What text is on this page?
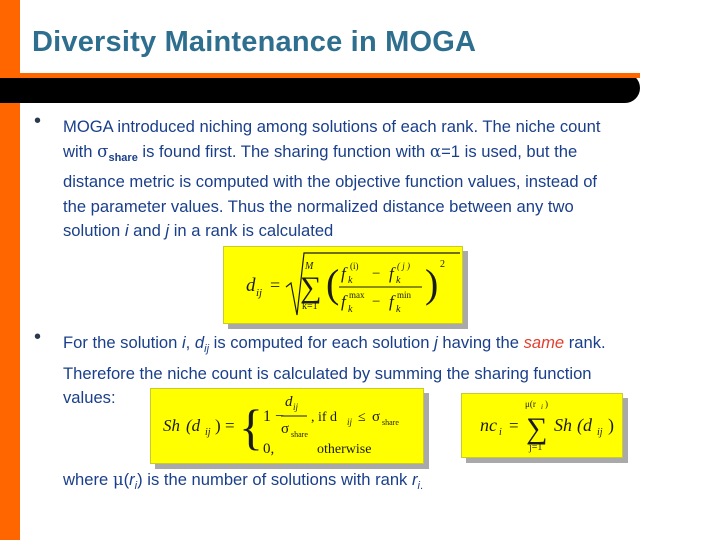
Diversity Maintenance in MOGA
• MOGA introduced niching among solutions of each rank. The niche count
with $\sigma_{share}$ is found first. The sharing function with α=1 is used, but the
distance metric is computed with the objective function values, instead of
the parameter values. Thus the normalized distance between any two
solution i and j in a rank is calculated
d ij =
M
∑
k=1
( ) 2
f k
(i) − f k
( j )
f k
max − f k
min
• For the solution i, $d_{ij}$ is computed for each solution j having the same rank.
Therefore the niche count is calculated by summing the sharing function
values:
Sh (d ij ) = { 1 −
d ij
σ share
, if d ij ≤ σ share
0,	otherwise
nc i =
μ(r i )
∑
j=1
Sh (d ij )
where $\mu(r_i)$ is the number of solutions with rank $r_{i.}$
